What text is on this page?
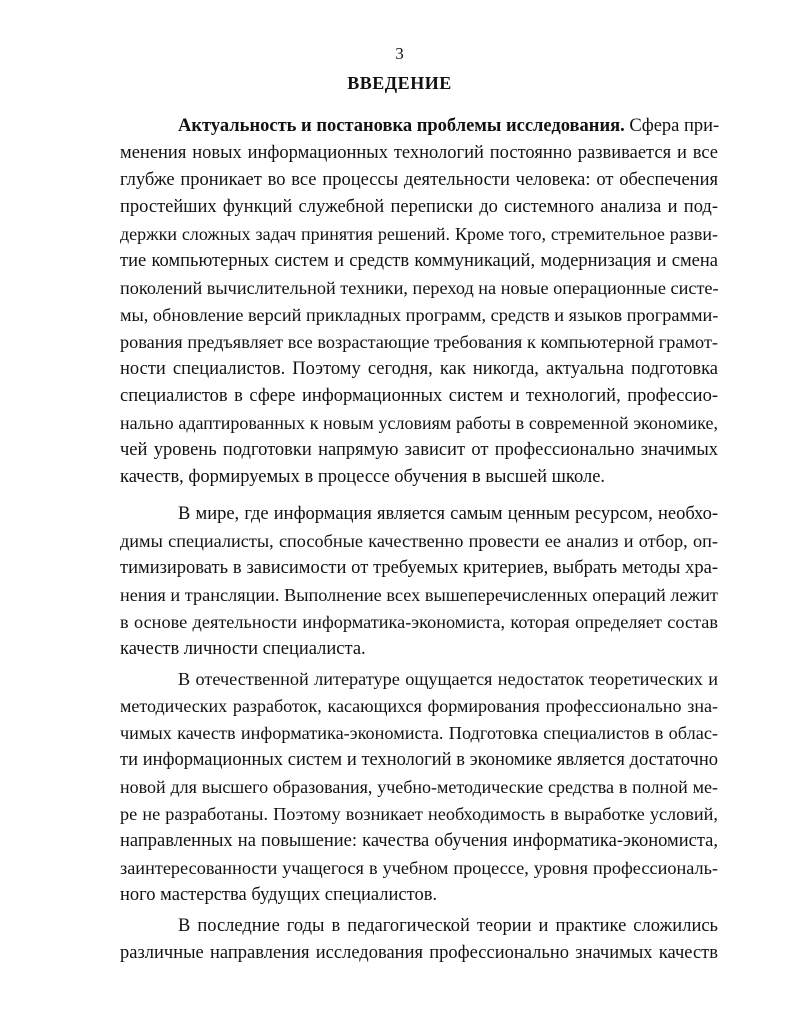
3
ВВЕДЕНИЕ
Актуальность и постановка проблемы исследования. Сфера при-
менения новых информационных технологий постоянно развивается и все
глубже проникает во все процессы деятельности человека: от обеспечения
простейших функций служебной переписки до системного анализа и под-
держки сложных задач принятия решений. Кроме того, стремительное разви-
тие компьютерных систем и средств коммуникаций, модернизация и смена
поколений вычислительной техники, переход на новые операционные систе-
мы, обновление версий прикладных программ, средств и языков программи-
рования предъявляет все возрастающие требования к компьютерной грамот-
ности специалистов. Поэтому сегодня, как никогда, актуальна подготовка
специалистов в сфере информационных систем и технологий, профессио-
нально адаптированных к новым условиям работы в современной экономике,
чей уровень подготовки напрямую зависит от профессионально значимых
качеств, формируемых в процессе обучения в высшей школе.
В мире, где информация является самым ценным ресурсом, необхо-
димы специалисты, способные качественно провести ее анализ и отбор, оп-
тимизировать в зависимости от требуемых критериев, выбрать методы хра-
нения и трансляции. Выполнение всех вышеперечисленных операций лежит
в основе деятельности информатика-экономиста, которая определяет состав
качеств личности специалиста.
В отечественной литературе ощущается недостаток теоретических и
методических разработок, касающихся формирования профессионально зна-
чимых качеств информатика-экономиста. Подготовка специалистов в облас-
ти информационных систем и технологий в экономике является достаточно
новой для высшего образования, учебно-методические средства в полной ме-
ре не разработаны. Поэтому возникает необходимость в выработке условий,
направленных на повышение: качества обучения информатика-экономиста,
заинтересованности учащегося в учебном процессе, уровня профессиональ-
ного мастерства будущих специалистов.
В последние годы в педагогической теории и практике сложились
различные направления исследования профессионально значимых качеств
